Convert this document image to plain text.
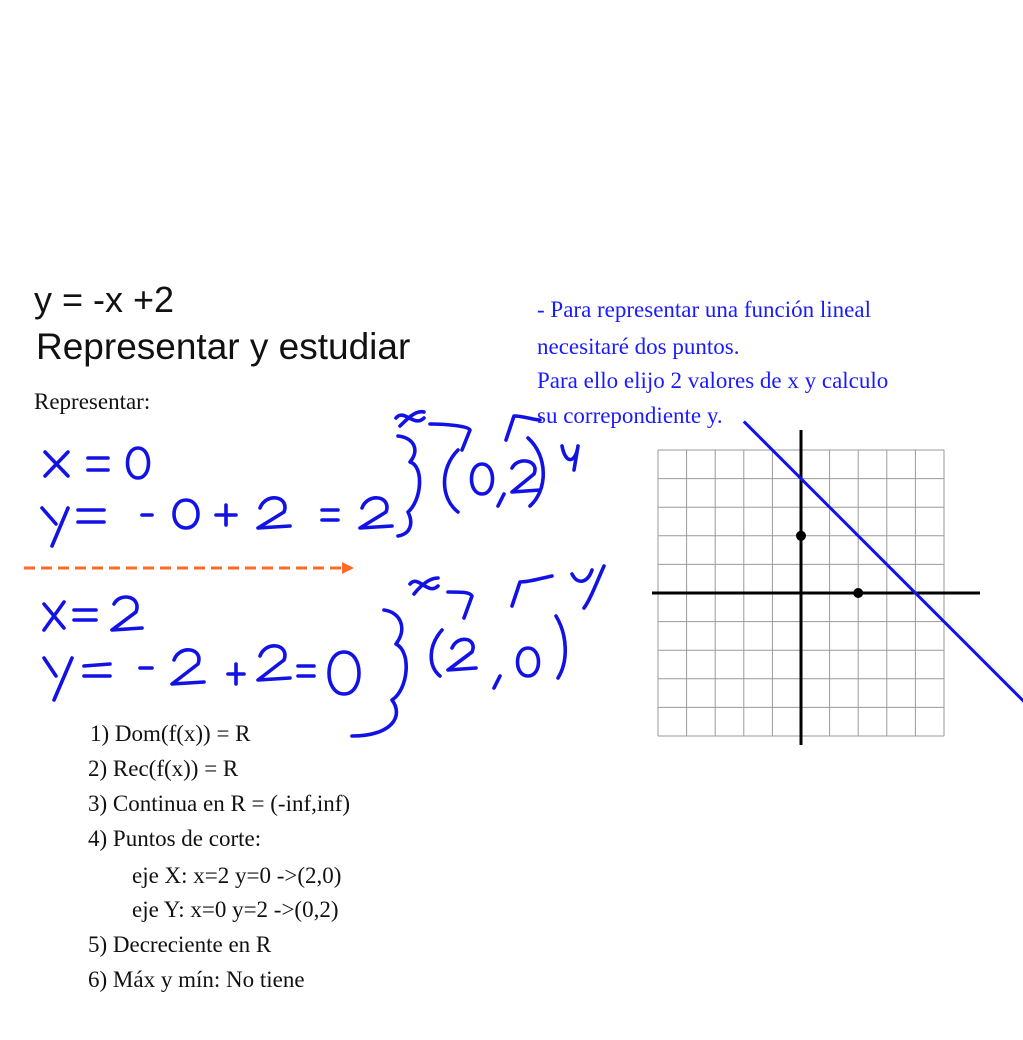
y = -x +2
Representar y estudiar
Representar:
- Para representar una función lineal
necesitaré dos puntos.
Para ello elijo 2 valores de x y calculo
su correpondiente y.
1) Dom(f(x)) = R
2) Rec(f(x)) = R
3) Continua en R = (-inf,inf)
4) Puntos de corte:
eje X: x=2 y=0 ->(2,0)
eje Y: x=0 y=2 ->(0,2)
5) Decreciente en R
6) Máx y mín: No tiene
